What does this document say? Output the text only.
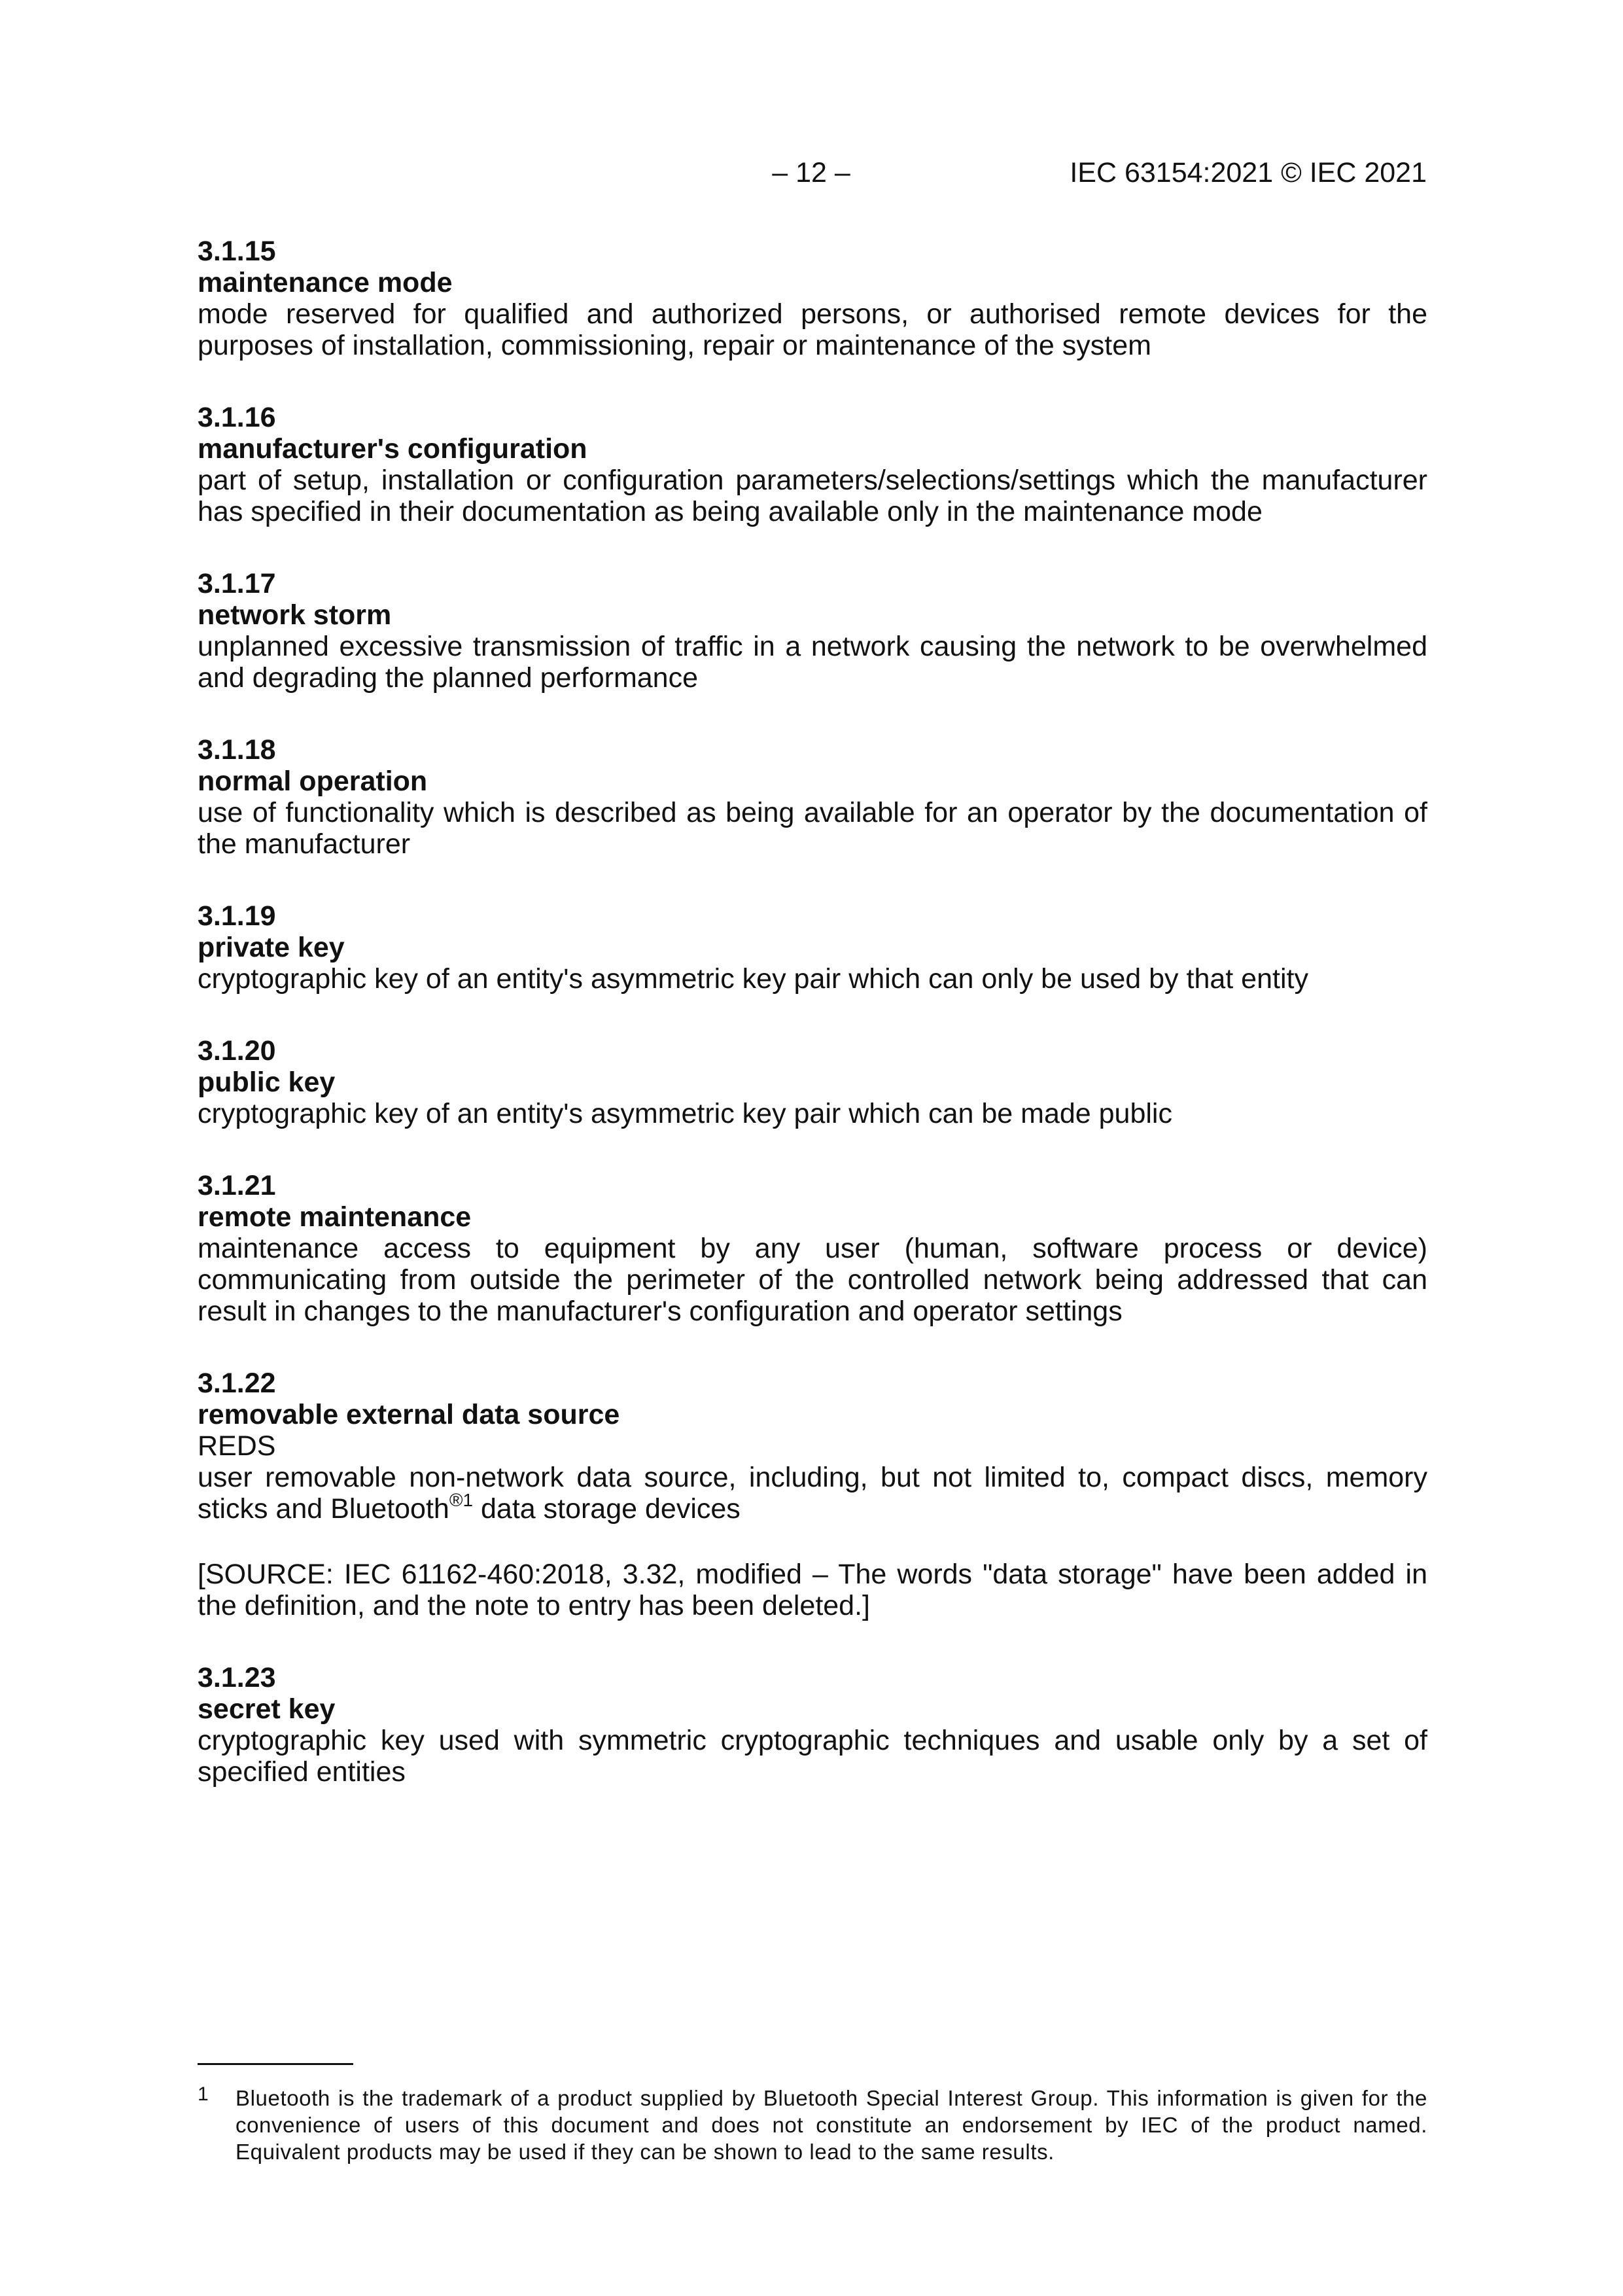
– 12 –	IEC 63154:2021 © IEC 2021
3.1.15
maintenance mode
mode reserved for qualified and authorized persons, or authorised remote devices for the purposes of installation, commissioning, repair or maintenance of the system
3.1.16
manufacturer's configuration
part of setup, installation or configuration parameters/selections/settings which the manufacturer has specified in their documentation as being available only in the maintenance mode
3.1.17
network storm
unplanned excessive transmission of traffic in a network causing the network to be overwhelmed and degrading the planned performance
3.1.18
normal operation
use of functionality which is described as being available for an operator by the documentation of the manufacturer
3.1.19
private key
cryptographic key of an entity's asymmetric key pair which can only be used by that entity
3.1.20
public key
cryptographic key of an entity's asymmetric key pair which can be made public
3.1.21
remote maintenance
maintenance access to equipment by any user (human, software process or device) communicating from outside the perimeter of the controlled network being addressed that can result in changes to the manufacturer's configuration and operator settings
3.1.22
removable external data source
REDS
user removable non-network data source, including, but not limited to, compact discs, memory sticks and Bluetooth$^{®1}$ data storage devices
[SOURCE: IEC 61162-460:2018, 3.32, modified – The words "data storage" have been added in the definition, and the note to entry has been deleted.]
3.1.23
secret key
cryptographic key used with symmetric cryptographic techniques and usable only by a set of specified entities
1 Bluetooth is the trademark of a product supplied by Bluetooth Special Interest Group. This information is given for the convenience of users of this document and does not constitute an endorsement by IEC of the product named. Equivalent products may be used if they can be shown to lead to the same results.
